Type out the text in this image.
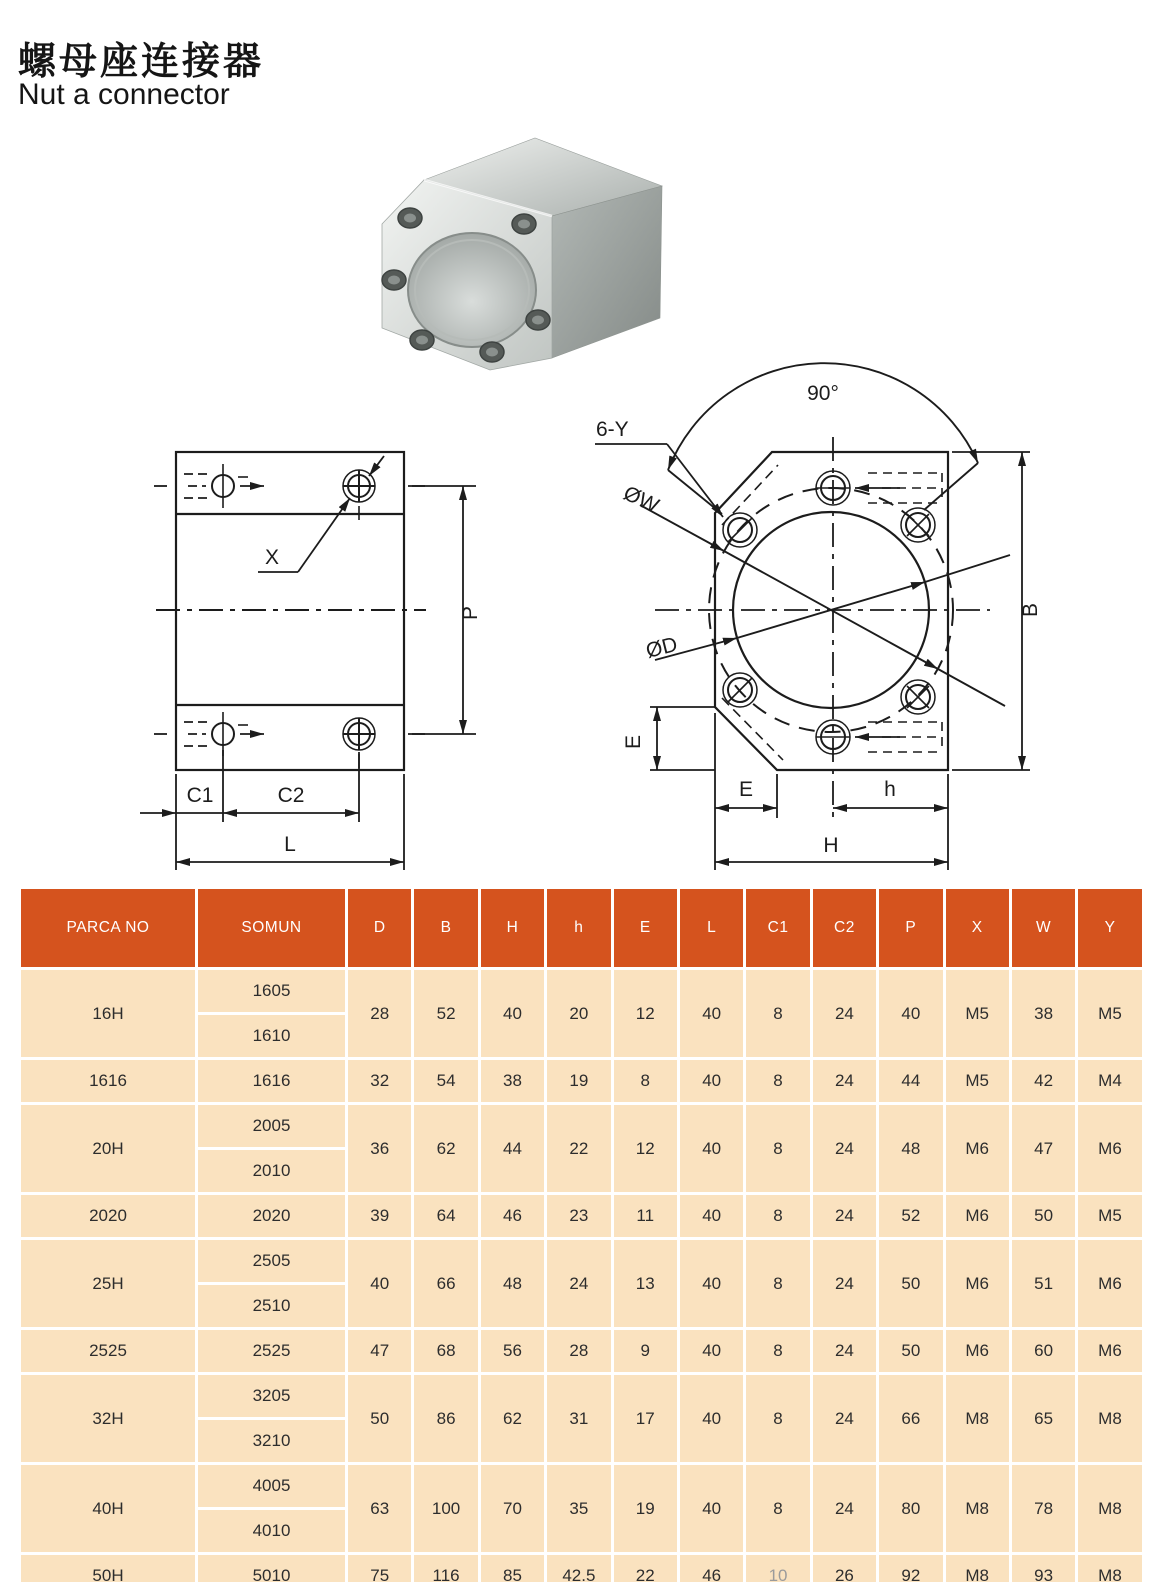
螺母座连接器
Nut a connector
X
P
C1	C2
L
90°
6-Y
ØW
ØD
E
E	h
H
B
PARCA NO	SOMUN	D	B	H	h	E	L	C1	C2	P	X	W	Y
16H	1605	28	52	40	20	12	40	8	24	40	M5	38	M5
	1610												
1616	1616	32	54	38	19	8	40	8	24	44	M5	42	M4
20H	2005	36	62	44	22	12	40	8	24	48	M6	47	M6
	2010												
2020	2020	39	64	46	23	11	40	8	24	52	M6	50	M5
25H	2505	40	66	48	24	13	40	8	24	50	M6	51	M6
	2510												
2525	2525	47	68	56	28	9	40	8	24	50	M6	60	M6
32H	3205	50	86	62	31	17	40	8	24	66	M8	65	M8
	3210												
40H	4005	63	100	70	35	19	40	8	24	80	M8	78	M8
	4010												
50H	5010	75	116	85	42.5	22	46	10	26	92	M8	93	M8
